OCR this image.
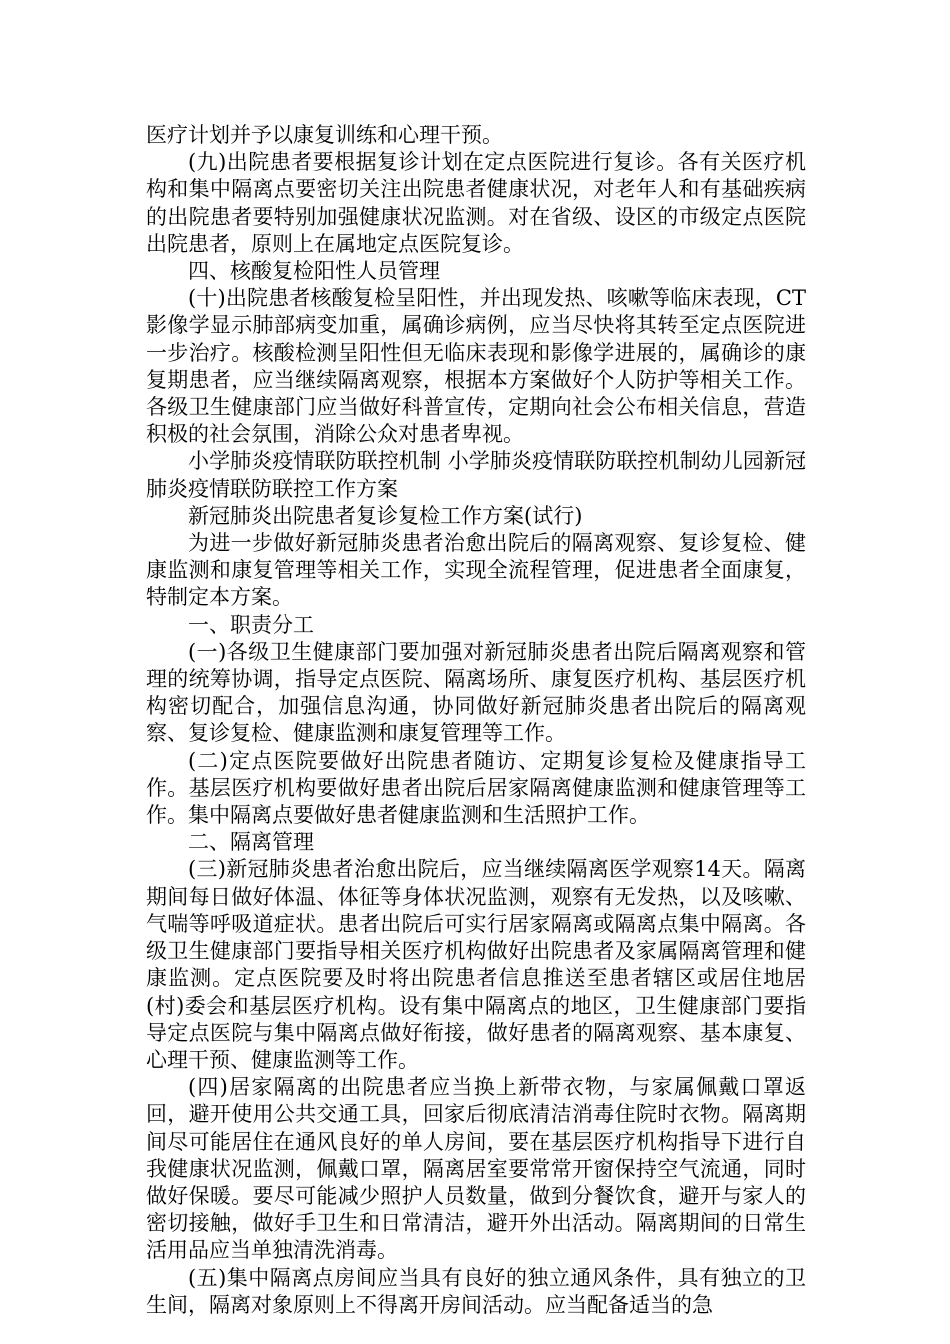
医疗计划并予以康复训练和心理干预。

(九)出院患者要根据复诊计划在定点医院进行复诊。各有关医疗机构和集中隔离点要密切关注出院患者健康状况，对老年人和有基础疾病的出院患者要特别加强健康状况监测。对在省级、设区的市级定点医院出院患者，原则上在属地定点医院复诊。

四、核酸复检阳性人员管理

(十)出院患者核酸复检呈阳性，并出现发热、咳嗽等临床表现，CT影像学显示肺部病变加重，属确诊病例，应当尽快将其转至定点医院进一步治疗。核酸检测呈阳性但无临床表现和影像学进展的，属确诊的康复期患者，应当继续隔离观察，根据本方案做好个人防护等相关工作。各级卫生健康部门应当做好科普宣传，定期向社会公布相关信息，营造积极的社会氛围，消除公众对患者卑视。

小学肺炎疫情联防联控机制 小学肺炎疫情联防联控机制幼儿园新冠肺炎疫情联防联控工作方案

新冠肺炎出院患者复诊复检工作方案(试行)

为进一步做好新冠肺炎患者治愈出院后的隔离观察、复诊复检、健康监测和康复管理等相关工作，实现全流程管理，促进患者全面康复，特制定本方案。

一、职责分工

(一)各级卫生健康部门要加强对新冠肺炎患者出院后隔离观察和管理的统筹协调，指导定点医院、隔离场所、康复医疗机构、基层医疗机构密切配合，加强信息沟通，协同做好新冠肺炎患者出院后的隔离观察、复诊复检、健康监测和康复管理等工作。

(二)定点医院要做好出院患者随访、定期复诊复检及健康指导工作。基层医疗机构要做好患者出院后居家隔离健康监测和健康管理等工作。集中隔离点要做好患者健康监测和生活照护工作。

二、隔离管理

(三)新冠肺炎患者治愈出院后，应当继续隔离医学观察14天。隔离期间每日做好体温、体征等身体状况监测，观察有无发热，以及咳嗽、气喘等呼吸道症状。患者出院后可实行居家隔离或隔离点集中隔离。各级卫生健康部门要指导相关医疗机构做好出院患者及家属隔离管理和健康监测。定点医院要及时将出院患者信息推送至患者辖区或居住地居(村)委会和基层医疗机构。设有集中隔离点的地区，卫生健康部门要指导定点医院与集中隔离点做好衔接，做好患者的隔离观察、基本康复、心理干预、健康监测等工作。

(四)居家隔离的出院患者应当换上新带衣物，与家属佩戴口罩返回，避开使用公共交通工具，回家后彻底清洁消毒住院时衣物。隔离期间尽可能居住在通风良好的单人房间，要在基层医疗机构指导下进行自我健康状况监测，佩戴口罩，隔离居室要常常开窗保持空气流通，同时做好保暖。要尽可能减少照护人员数量，做到分餐饮食，避开与家人的密切接触，做好手卫生和日常清洁，避开外出活动。隔离期间的日常生活用品应当单独清洗消毒。

(五)集中隔离点房间应当具有良好的独立通风条件，具有独立的卫生间，隔离对象原则上不得离开房间活动。应当配备适当的急
